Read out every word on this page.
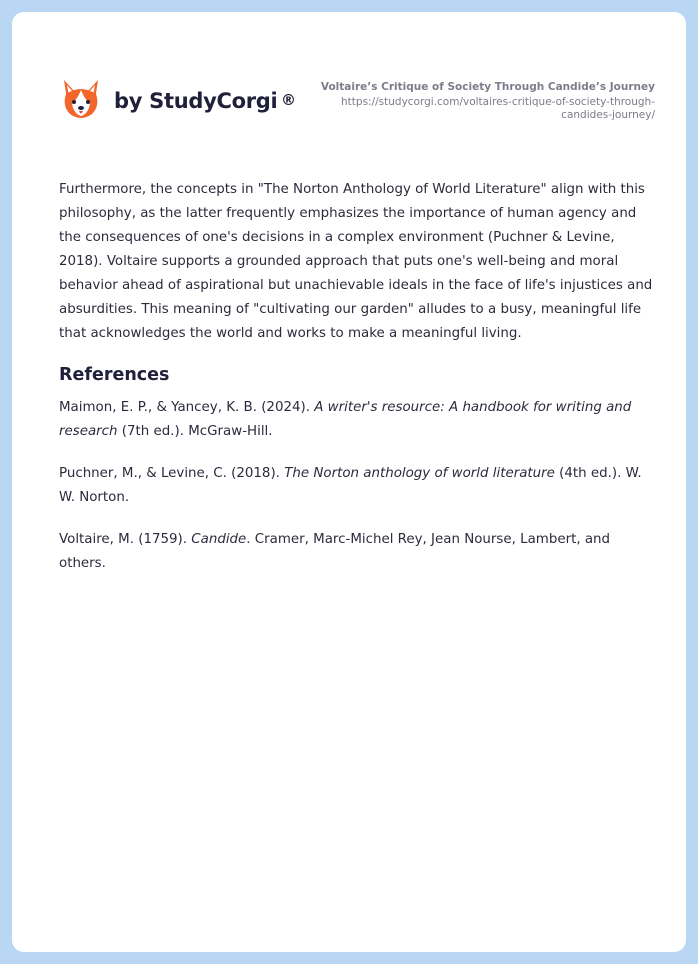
by StudyCorgi ®
Voltaire’s Critique of Society Through Candide’s Journey
https://studycorgi.com/voltaires-critique-of-society-through-candides-journey/

Furthermore, the concepts in "The Norton Anthology of World Literature" align with this philosophy, as the latter frequently emphasizes the importance of human agency and the consequences of one's decisions in a complex environment (Puchner & Levine, 2018). Voltaire supports a grounded approach that puts one's well-being and moral behavior ahead of aspirational but unachievable ideals in the face of life's injustices and absurdities. This meaning of "cultivating our garden" alludes to a busy, meaningful life that acknowledges the world and works to make a meaningful living.

References

Maimon, E. P., & Yancey, K. B. (2024). A writer's resource: A handbook for writing and research (7th ed.). McGraw-Hill.

Puchner, M., & Levine, C. (2018). The Norton anthology of world literature (4th ed.). W. W. Norton.

Voltaire, M. (1759). Candide. Cramer, Marc-Michel Rey, Jean Nourse, Lambert, and others.
